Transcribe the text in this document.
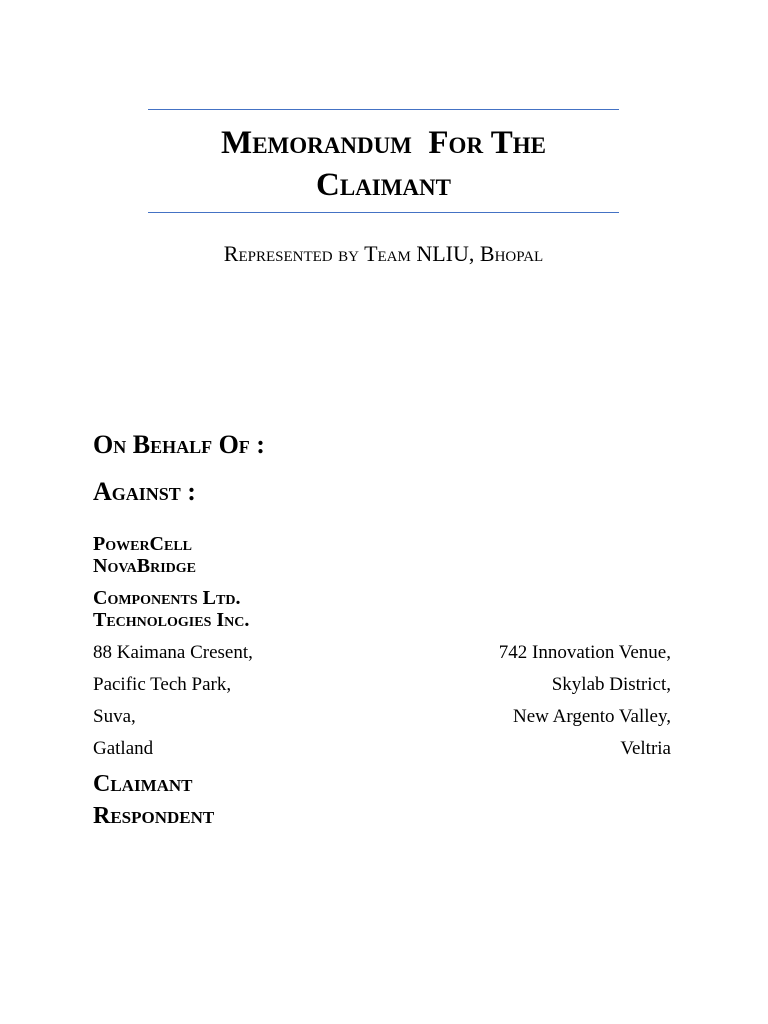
Memorandum  For The
Claimant

Represented by Team NLIU, Bhopal

On Behalf Of :
Against :
PowerCell
NovaBridge
Components Ltd.
Technologies Inc.
88 Kaimana Cresent,
Pacific Tech Park,
Suva,
Gatland
742 Innovation Venue,
Skylab District,
New Argento Valley,
Veltria
Claimant
Respondent
